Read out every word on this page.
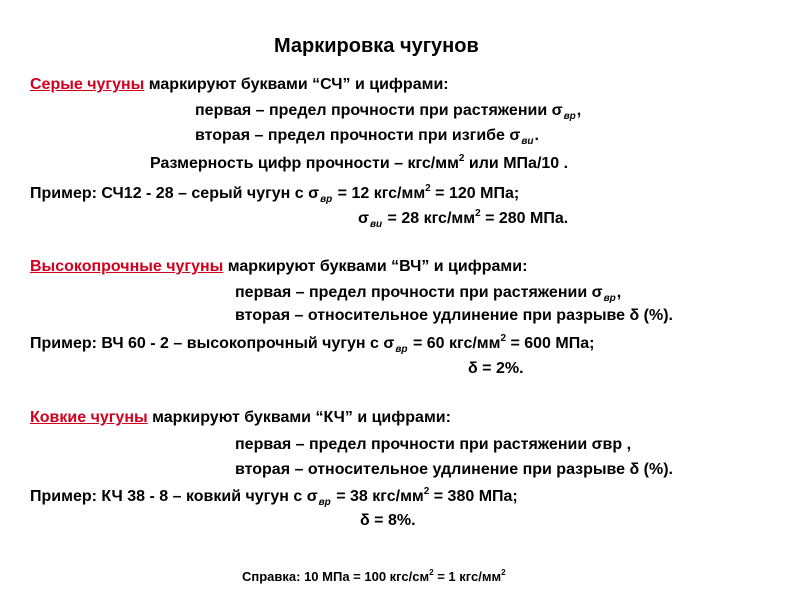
Маркировка чугунов
Серые чугуны маркируют буквами “СЧ” и цифрами:
первая – предел прочности при растяжении $\sigma_{вр}$,
вторая – предел прочности при изгибе $\sigma_{ви}$.
Размерность цифр прочности – кгс/$мм^2$ или МПа/10 .
Пример: СЧ12 - 28 – серый чугун с $\sigma_{вр} = 12$ кгс/$мм^2 = 120$ МПа;
$\sigma_{ви} = 28$ кгс/$мм^2 = 280$ МПа.
Высокопрочные чугуны маркируют буквами “ВЧ” и цифрами:
первая – предел прочности при растяжении $\sigma_{вр}$,
вторая – относительное удлинение при разрыве δ (%).
Пример: ВЧ 60 - 2 – высокопрочный чугун с $\sigma_{вр} = 60$ кгс/$мм^2 = 600$ МПа;
δ = 2%.
Ковкие чугуны маркируют буквами “КЧ” и цифрами:
первая – предел прочности при растяжении σвр ,
вторая – относительное удлинение при разрыве δ (%).
Пример: КЧ 38 - 8 – ковкий чугун с $\sigma_{вр} = 38$ кгс/$мм^2 = 380$ МПа;
δ = 8%.
Справка: 10 МПа = 100 кгс/$см^2 = 1$ кгс/$мм^2$
